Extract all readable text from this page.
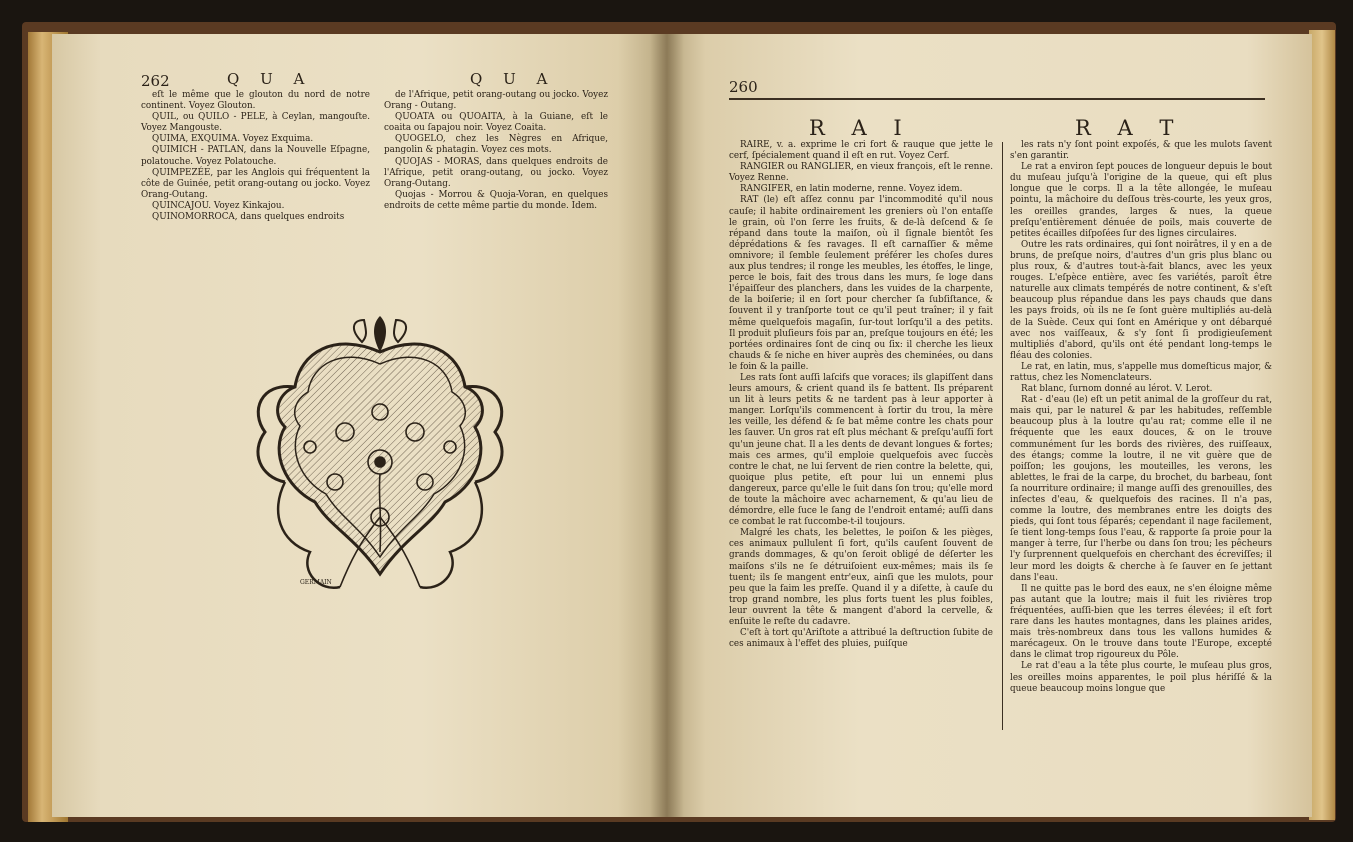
262	Q U A	Q U A

eſt le même que le glouton du nord de notre continent. Voyez Glouton.

QUIL, ou QUILO - PELE, à Ceylan, mangouſte. Voyez Mangouste.

QUIMA, EXQUIMA. Voyez Exquima.

QUIMICH - PATLAN, dans la Nouvelle Eſpagne, polatouche. Voyez Polatouche.

QUIMPEZÉE, par les Anglois qui fréquentent la côte de Guinée, petit orang-outang ou jocko. Voyez Orang-Outang.

QUINCAJOU. Voyez Kinkajou.

QUINOMORROCA, dans quelques endroits

de l'Afrique, petit orang-outang ou jocko. Voyez Orang - Outang.

QUOATA ou QUOAITA, à la Guiane, eſt le coaita ou ſapajou noir. Voyez Coaita.

QUOGELO, chez les Nègres en Afrique, pangolin & phatagin. Voyez ces mots.

QUOJAS - MORAS, dans quelques endroits de l'Afrique, petit orang-outang, ou jocko. Voyez Orang-Outang.

Quojas - Morrou & Quoja-Voran, en quelques endroits de cette même partie du monde. Idem.

GERMAIN
260
R A I	R A T

RAIRE, v. a. exprime le cri fort & rauque que jette le cerf, ſpécialement quand il eſt en rut. Voyez Cerf.

RANGIER ou RANGLIER, en vieux françois, eſt le renne. Voyez Renne.

RANGIFER, en latin moderne, renne. Voyez idem.

RAT (le) eſt aſſez connu par l'incommodité qu'il nous cauſe; il habite ordinairement les greniers où l'on entaſſe le grain, où l'on ſerre les fruits, & de-là deſcend & ſe répand dans toute la maiſon, où il ſignale bientôt ſes déprédations & ſes ravages. Il eſt carnaſſier & même omnivore; il ſemble ſeulement préférer les choſes dures aux plus tendres; il ronge les meubles, les étoffes, le linge, perce le bois, fait des trous dans les murs, ſe loge dans l'épaiſſeur des planchers, dans les vuides de la charpente, de la boiſerie; il en ſort pour chercher ſa ſubſiſtance, & ſouvent il y tranſporte tout ce qu'il peut traîner; il y fait même quelquefois magaſin, ſur-tout lorſqu'il a des petits. Il produit pluſieurs fois par an, preſque toujours en été; les portées ordinaires ſont de cinq ou ſix: il cherche les lieux chauds & ſe niche en hiver auprès des cheminées, ou dans le foin & la paille.

Les rats ſont auſſi laſcifs que voraces; ils glapiſſent dans leurs amours, & crient quand ils ſe battent. Ils préparent un lit à leurs petits & ne tardent pas à leur apporter à manger. Lorſqu'ils commencent à ſortir du trou, la mère les veille, les défend & ſe bat même contre les chats pour les ſauver. Un gros rat eſt plus méchant & preſqu'auſſi fort qu'un jeune chat. Il a les dents de devant longues & fortes; mais ces armes, qu'il emploie quelquefois avec ſuccès contre le chat, ne lui ſervent de rien contre la belette, qui, quoique plus petite, eſt pour lui un ennemi plus dangereux, parce qu'elle le ſuit dans ſon trou; qu'elle mord de toute la mâchoire avec acharnement, & qu'au lieu de démordre, elle ſuce le ſang de l'endroit entamé; auſſi dans ce combat le rat ſuccombe-t-il toujours.

Malgré les chats, les belettes, le poiſon & les pièges, ces animaux pullulent ſi fort, qu'ils cauſent ſouvent de grands dommages, & qu'on ſeroit obligé de déſerter les maiſons s'ils ne ſe détruiſoient eux-mêmes; mais ils ſe tuent; ils ſe mangent entr'eux, ainſi que les mulots, pour peu que la faim les preſſe. Quand il y a diſette, à cauſe du trop grand nombre, les plus forts tuent les plus foibles, leur ouvrent la tête & mangent d'abord la cervelle, & enſuite le reſte du cadavre.

C'eſt à tort qu'Ariſtote a attribué la deſtruction ſubite de ces animaux à l'effet des pluies, puiſque

les rats n'y ſont point expoſés, & que les mulots ſavent s'en garantir.

Le rat a environ ſept pouces de longueur depuis le bout du muſeau juſqu'à l'origine de la queue, qui eſt plus longue que le corps. Il a la tête allongée, le muſeau pointu, la mâchoire du deſſous très-courte, les yeux gros, les oreilles grandes, larges & nues, la queue preſqu'entièrement dénuée de poils, mais couverte de petites écailles diſpoſées ſur des lignes circulaires.

Outre les rats ordinaires, qui ſont noirâtres, il y en a de bruns, de preſque noirs, d'autres d'un gris plus blanc ou plus roux, & d'autres tout-à-fait blancs, avec les yeux rouges. L'eſpèce entière, avec ſes variétés, paroît être naturelle aux climats tempérés de notre continent, & s'eſt beaucoup plus répandue dans les pays chauds que dans les pays froids, où ils ne ſe ſont guère multipliés au-delà de la Suède. Ceux qui ſont en Amérique y ont débarqué avec nos vaiſſeaux, & s'y ſont ſi prodigieuſement multipliés d'abord, qu'ils ont été pendant long-temps le fléau des colonies.

Le rat, en latin, mus, s'appelle mus domeſticus major, & rattus, chez les Nomenclateurs.

Rat blanc, ſurnom donné au lérot. V. Lerot.

Rat - d'eau (le) eſt un petit animal de la groſſeur du rat, mais qui, par le naturel & par les habitudes, reſſemble beaucoup plus à la loutre qu'au rat; comme elle il ne fréquente que les eaux douces, & on le trouve communément ſur les bords des rivières, des ruiſſeaux, des étangs; comme la loutre, il ne vit guère que de poiſſon; les goujons, les mouteilles, les verons, les ablettes, le frai de la carpe, du brochet, du barbeau, ſont ſa nourriture ordinaire; il mange auſſi des grenouilles, des inſectes d'eau, & quelquefois des racines. Il n'a pas, comme la loutre, des membranes entre les doigts des pieds, qui ſont tous ſéparés; cependant il nage facilement, ſe tient long-temps ſous l'eau, & rapporte ſa proie pour la manger à terre, ſur l'herbe ou dans ſon trou; les pêcheurs l'y ſurprennent quelquefois en cherchant des écreviſſes; il leur mord les doigts & cherche à ſe ſauver en ſe jettant dans l'eau.

Il ne quitte pas le bord des eaux, ne s'en éloigne même pas autant que la loutre; mais il fuit les rivières trop fréquentées, auſſi-bien que les terres élevées; il eſt fort rare dans les hautes montagnes, dans les plaines arides, mais très-nombreux dans tous les vallons humides & marécageux. On le trouve dans toute l'Europe, excepté dans le climat trop rigoureux du Pôle.

Le rat d'eau a la tête plus courte, le muſeau plus gros, les oreilles moins apparentes, le poil plus hériſſé & la queue beaucoup moins longue que
